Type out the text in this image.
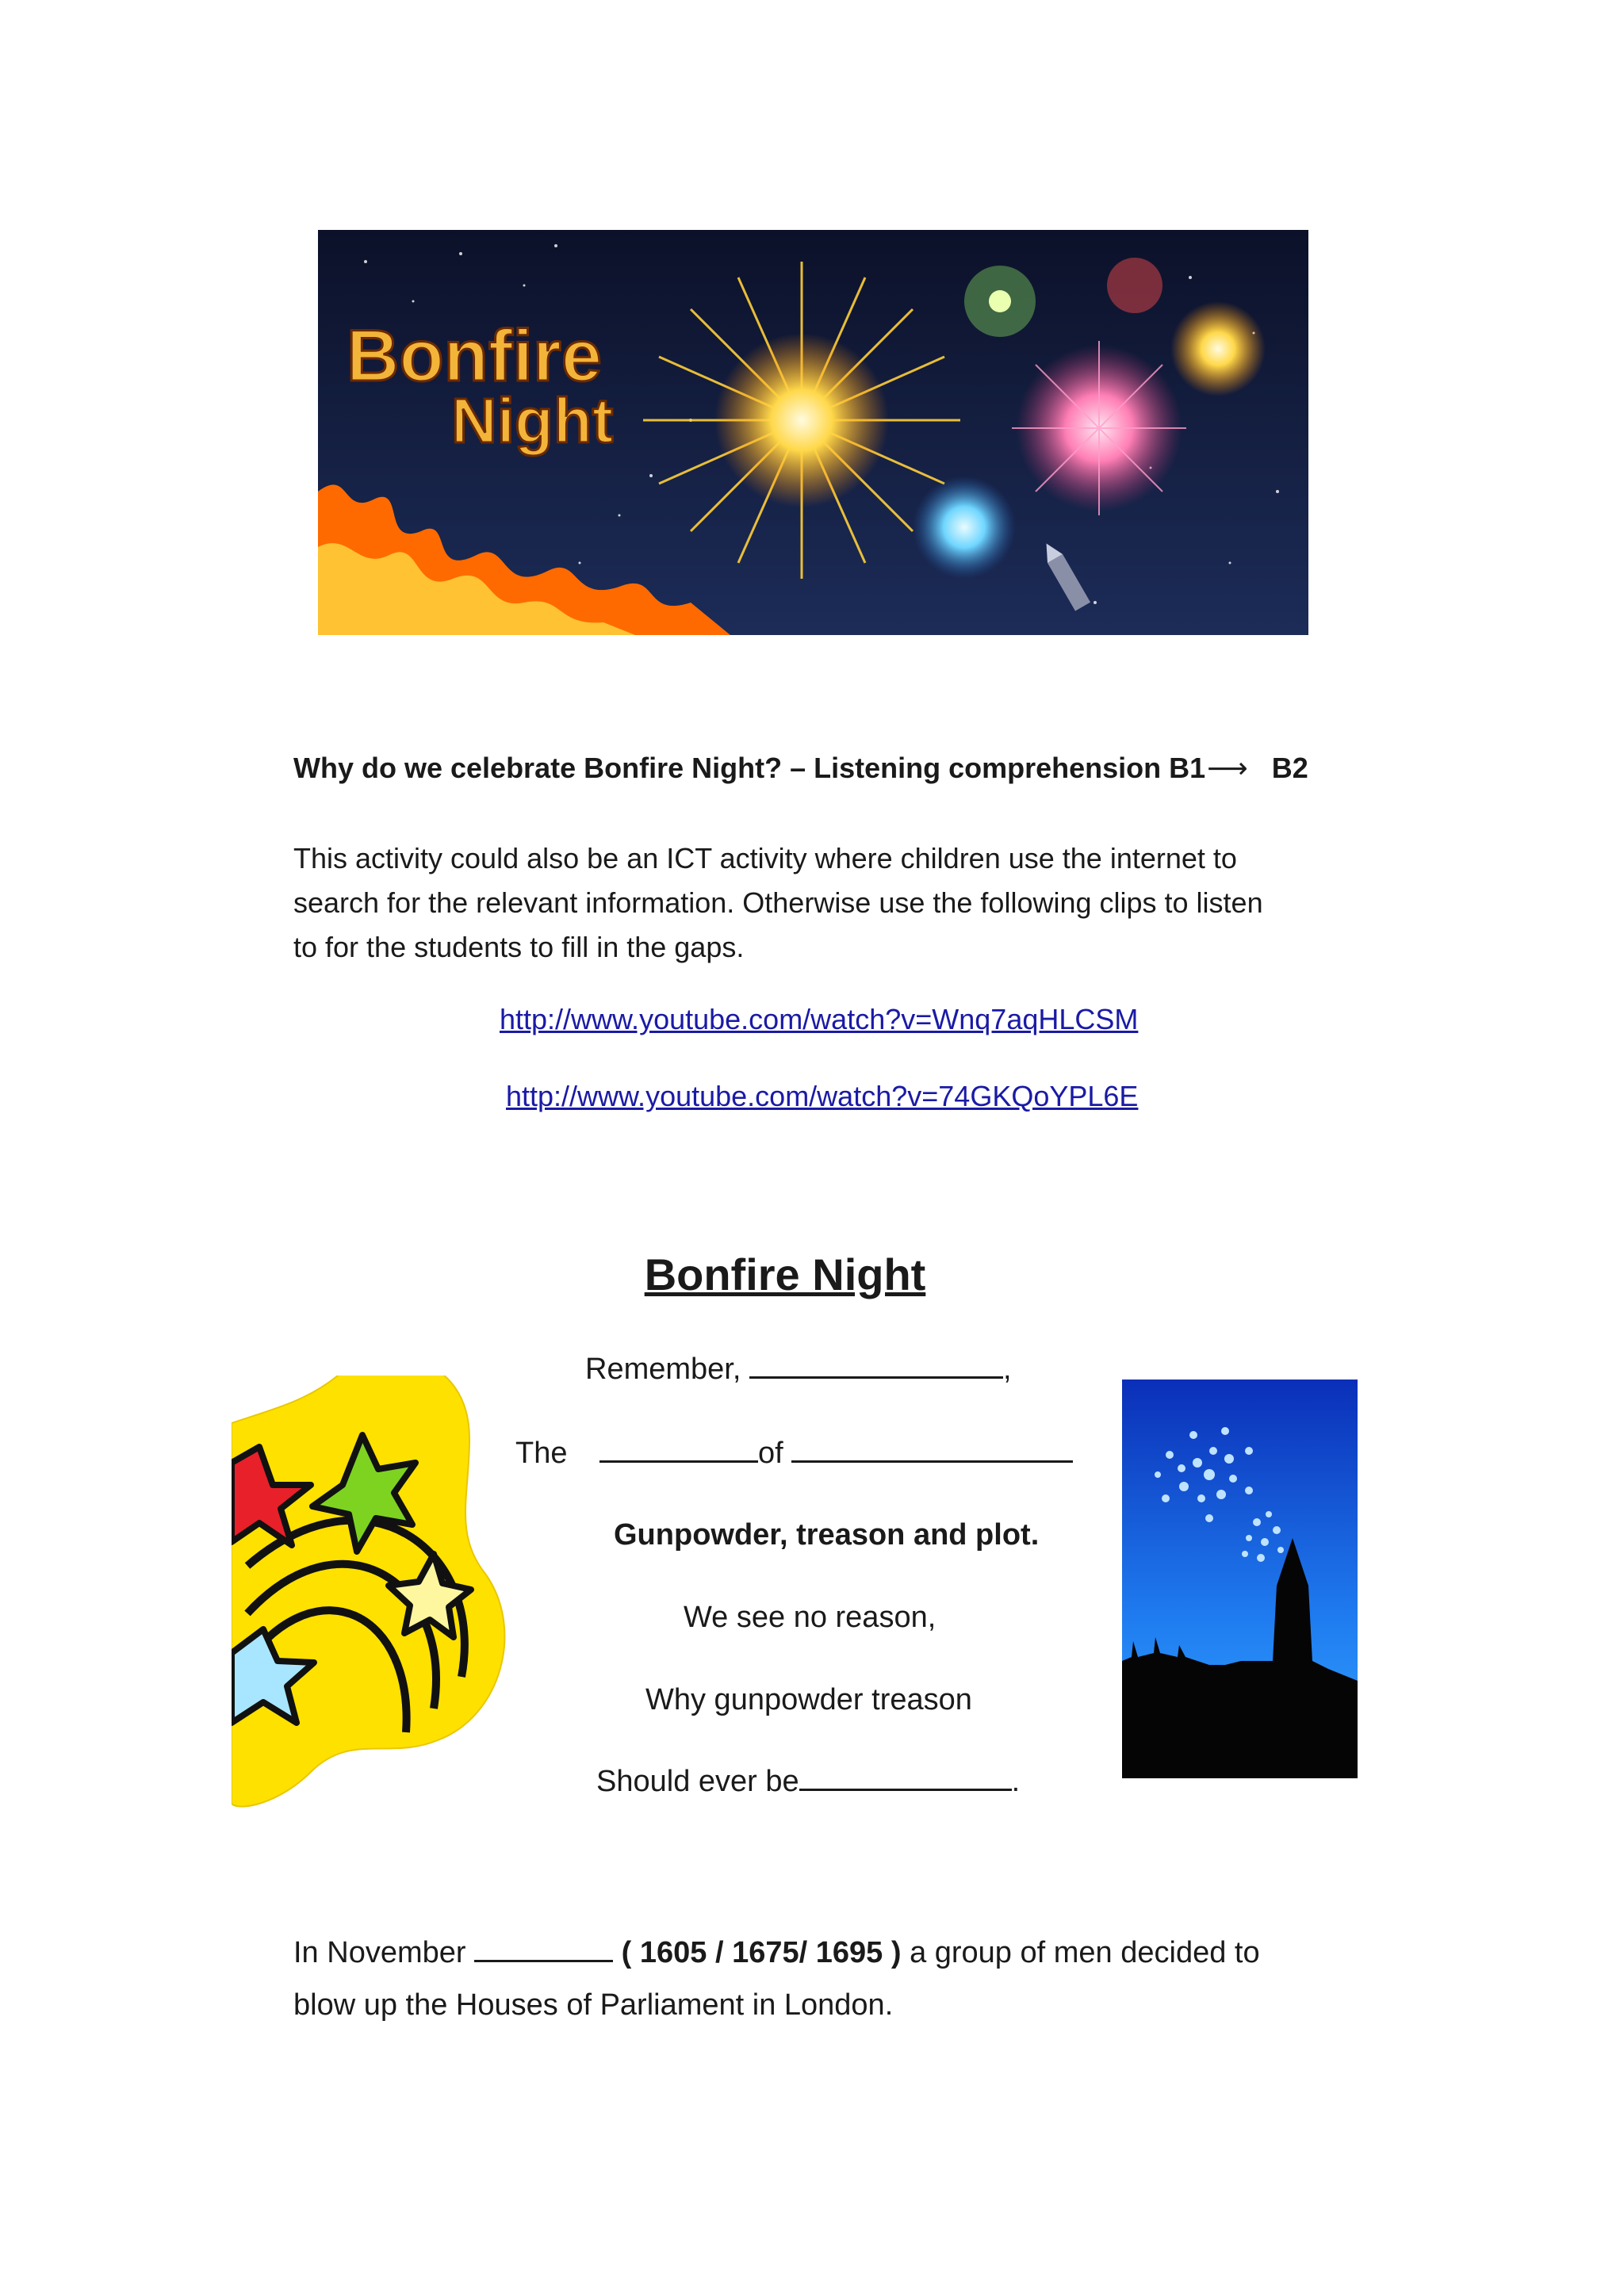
Bonfire
Night
Why do we celebrate Bonfire Night? – Listening comprehension B1⟶ B2
This activity could also be an ICT activity where children use the internet to search for the relevant information. Otherwise use the following clips to listen to for the students to fill in the gaps.
http://www.youtube.com/watch?v=Wnq7aqHLCSM
http://www.youtube.com/watch?v=74GKQoYPL6E
Bonfire Night
Remember,	,
The	of
Gunpowder, treason and plot.
We see no reason,
Why gunpowder treason
Should ever be	.
In November	( 1605 / 1675/ 1695 ) a group of men decided to blow up the Houses of Parliament in London.
